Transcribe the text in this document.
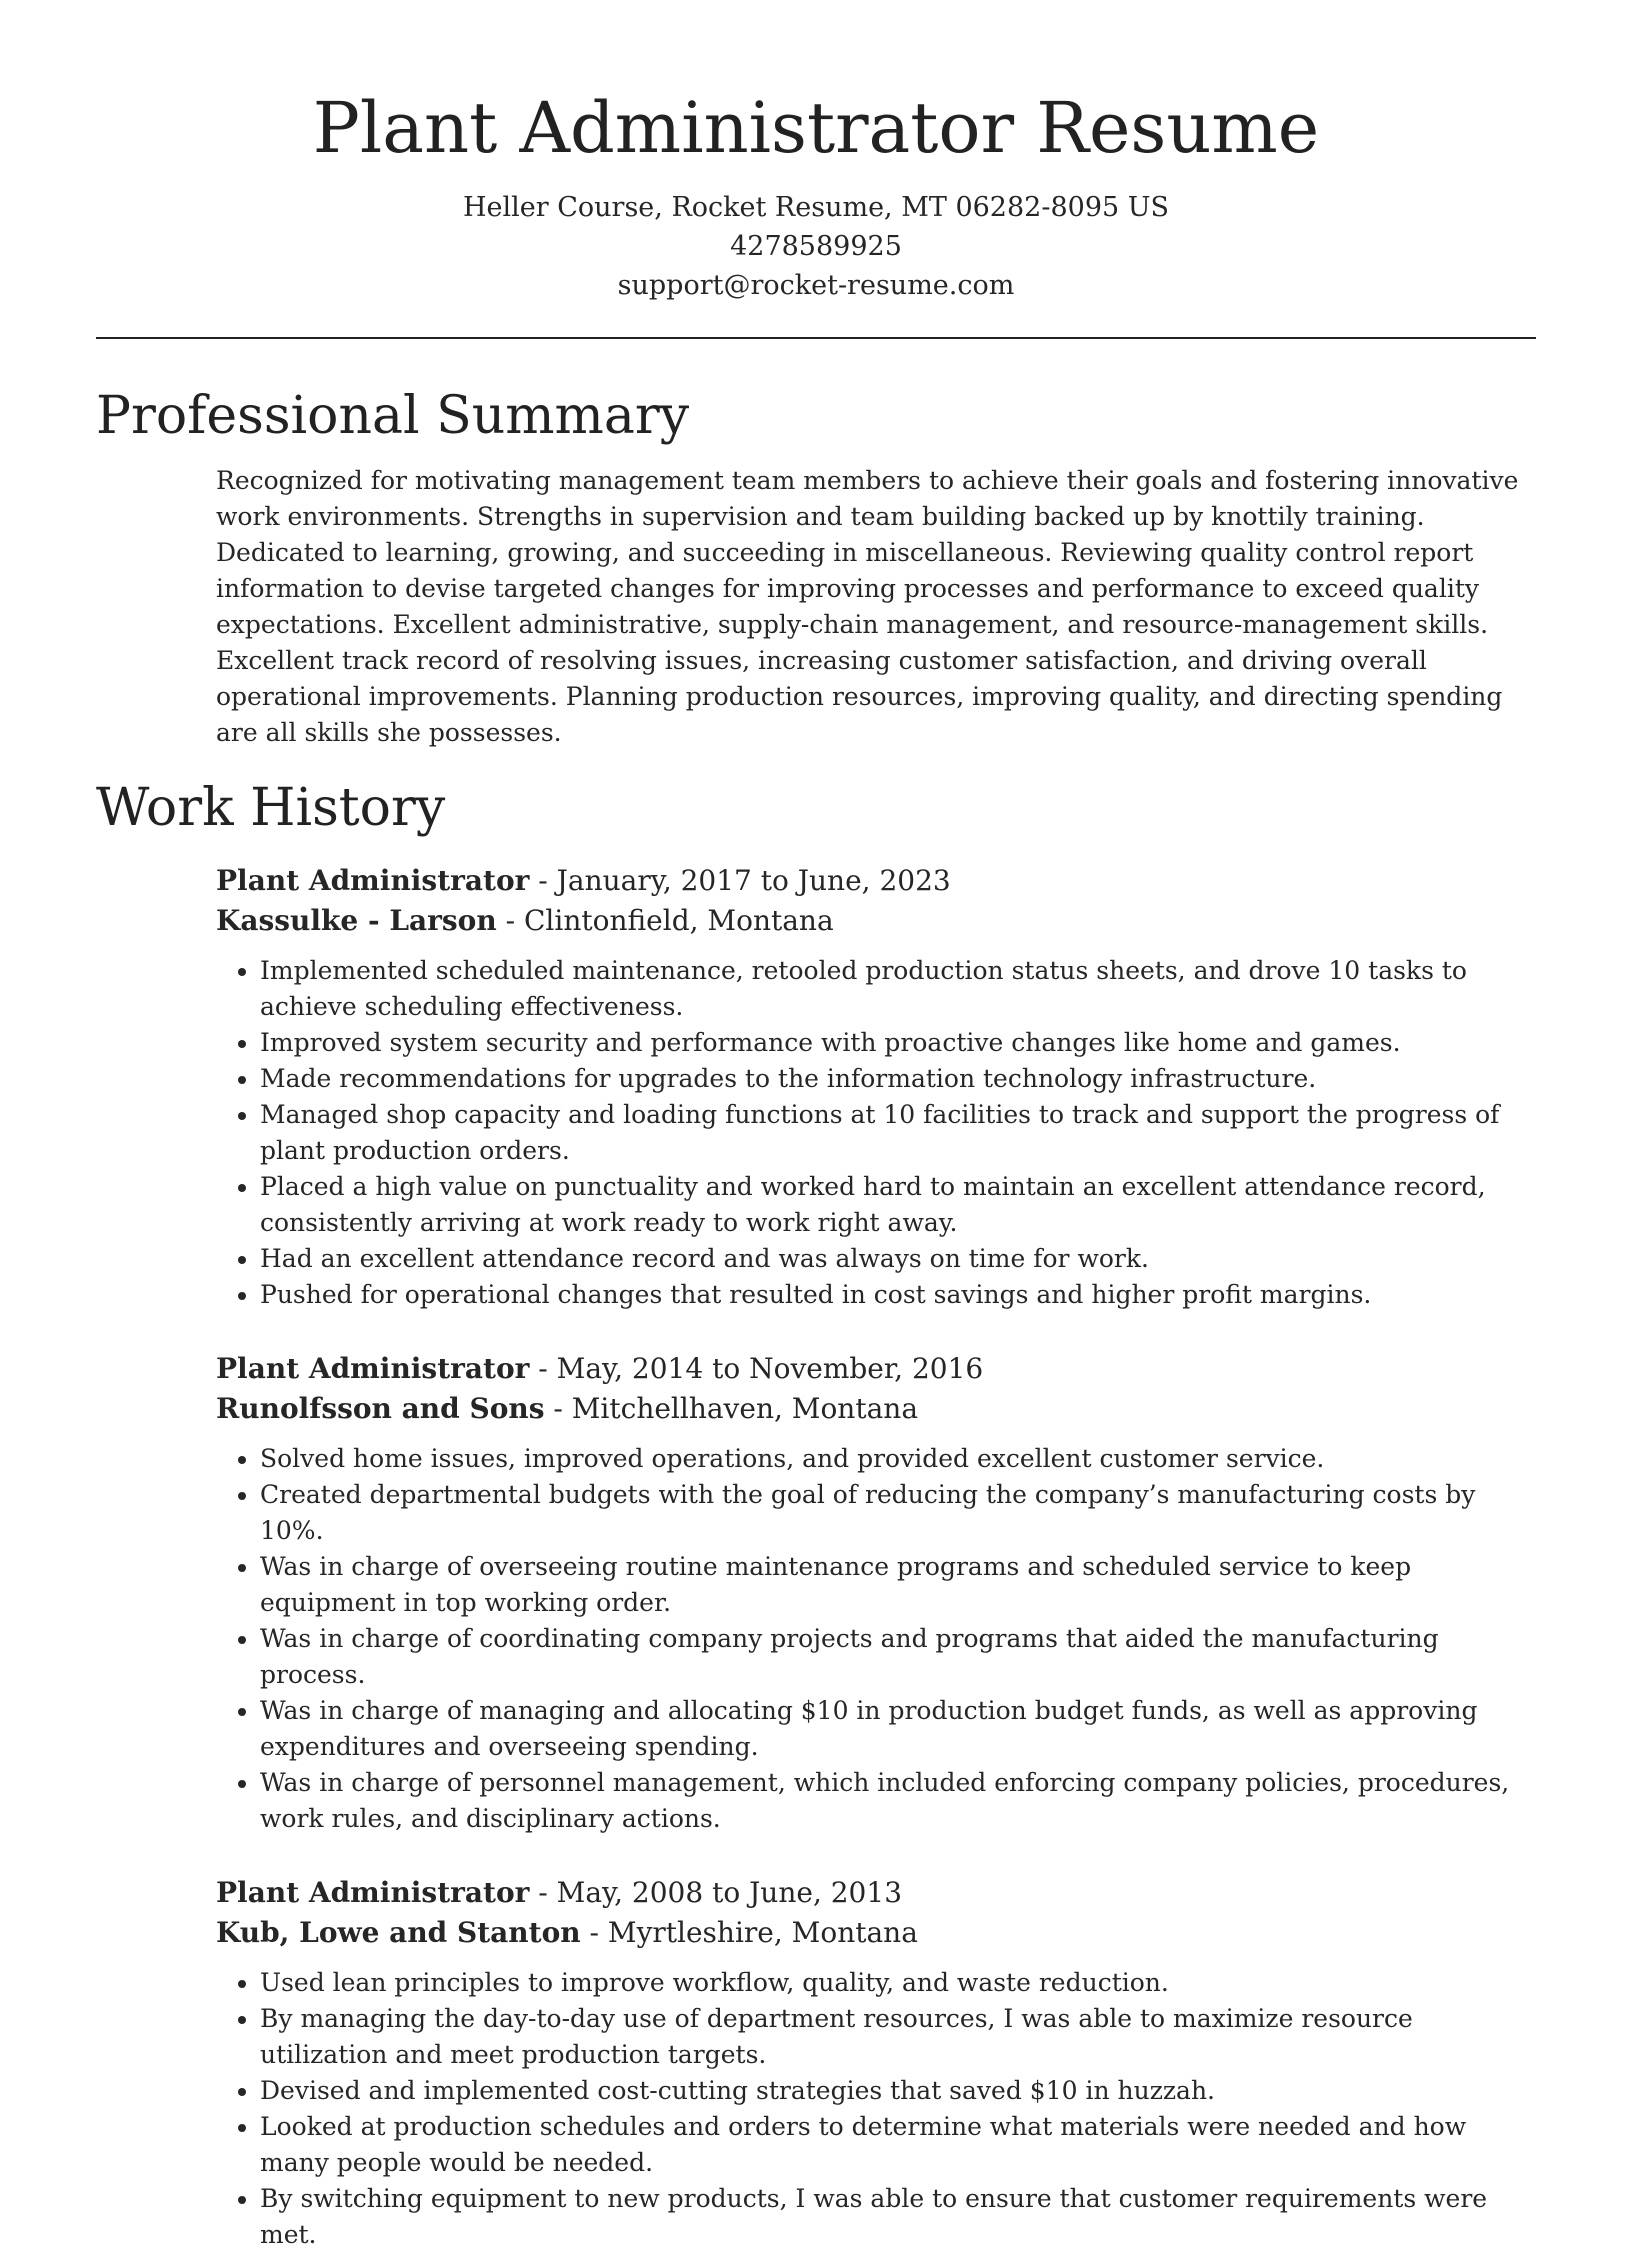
Plant Administrator Resume
Heller Course, Rocket Resume, MT 06282-8095 US
4278589925
support@rocket-resume.com
Professional Summary

Recognized for motivating management team members to achieve their goals and fostering innovative work environments. Strengths in supervision and team building backed up by knottily training. Dedicated to learning, growing, and succeeding in miscellaneous. Reviewing quality control report information to devise targeted changes for improving processes and performance to exceed quality expectations. Excellent administrative, supply-chain management, and resource-management skills. Excellent track record of resolving issues, increasing customer satisfaction, and driving overall operational improvements. Planning production resources, improving quality, and directing spending are all skills she possesses.

Work History
Plant Administrator - January, 2017 to June, 2023
Kassulke - Larson - Clintonfield, Montana
• Implemented scheduled maintenance, retooled production status sheets, and drove 10 tasks to achieve scheduling effectiveness.
• Improved system security and performance with proactive changes like home and games.
• Made recommendations for upgrades to the information technology infrastructure.
• Managed shop capacity and loading functions at 10 facilities to track and support the progress of plant production orders.
• Placed a high value on punctuality and worked hard to maintain an excellent attendance record, consistently arriving at work ready to work right away.
• Had an excellent attendance record and was always on time for work.
• Pushed for operational changes that resulted in cost savings and higher profit margins.
Plant Administrator - May, 2014 to November, 2016
Runolfsson and Sons - Mitchellhaven, Montana
• Solved home issues, improved operations, and provided excellent customer service.
• Created departmental budgets with the goal of reducing the company’s manufacturing costs by 10%.
• Was in charge of overseeing routine maintenance programs and scheduled service to keep equipment in top working order.
• Was in charge of coordinating company projects and programs that aided the manufacturing process.
• Was in charge of managing and allocating $10 in production budget funds, as well as approving expenditures and overseeing spending.
• Was in charge of personnel management, which included enforcing company policies, procedures, work rules, and disciplinary actions.
Plant Administrator - May, 2008 to June, 2013
Kub, Lowe and Stanton - Myrtleshire, Montana
• Used lean principles to improve workflow, quality, and waste reduction.
• By managing the day-to-day use of department resources, I was able to maximize resource utilization and meet production targets.
• Devised and implemented cost-cutting strategies that saved $10 in huzzah.
• Looked at production schedules and orders to determine what materials were needed and how many people would be needed.
• By switching equipment to new products, I was able to ensure that customer requirements were met.
